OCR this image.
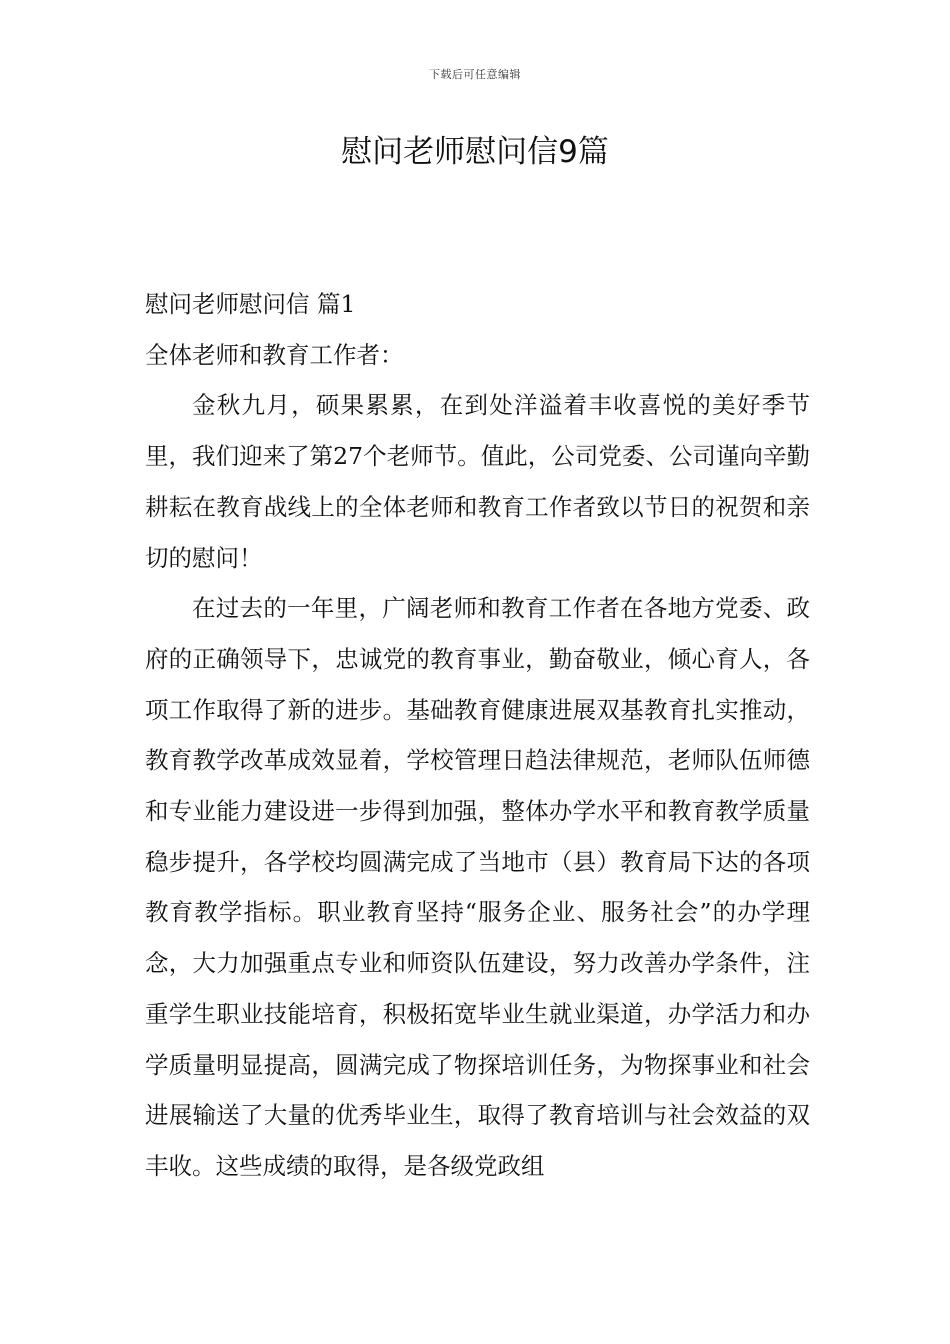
下载后可任意编辑
慰问老师慰问信9篇
慰问老师慰问信 篇1

全体老师和教育工作者：

金秋九月，硕果累累，在到处洋溢着丰收喜悦的美好季节里，我们迎来了第27个老师节。值此，公司党委、公司谨向辛勤耕耘在教育战线上的全体老师和教育工作者致以节日的祝贺和亲切的慰问！

在过去的一年里，广阔老师和教育工作者在各地方党委、政府的正确领导下，忠诚党的教育事业，勤奋敬业，倾心育人，各项工作取得了新的进步。基础教育健康进展双基教育扎实推动，教育教学改革成效显着，学校管理日趋法律规范，老师队伍师德和专业能力建设进一步得到加强，整体办学水平和教育教学质量稳步提升，各学校均圆满完成了当地市（县）教育局下达的各项教育教学指标。职业教育坚持“服务企业、服务社会”的办学理念，大力加强重点专业和师资队伍建设，努力改善办学条件，注重学生职业技能培育，积极拓宽毕业生就业渠道，办学活力和办学质量明显提高，圆满完成了物探培训任务，为物探事业和社会进展输送了大量的优秀毕业生，取得了教育培训与社会效益的双丰收。这些成绩的取得，是各级党政组
